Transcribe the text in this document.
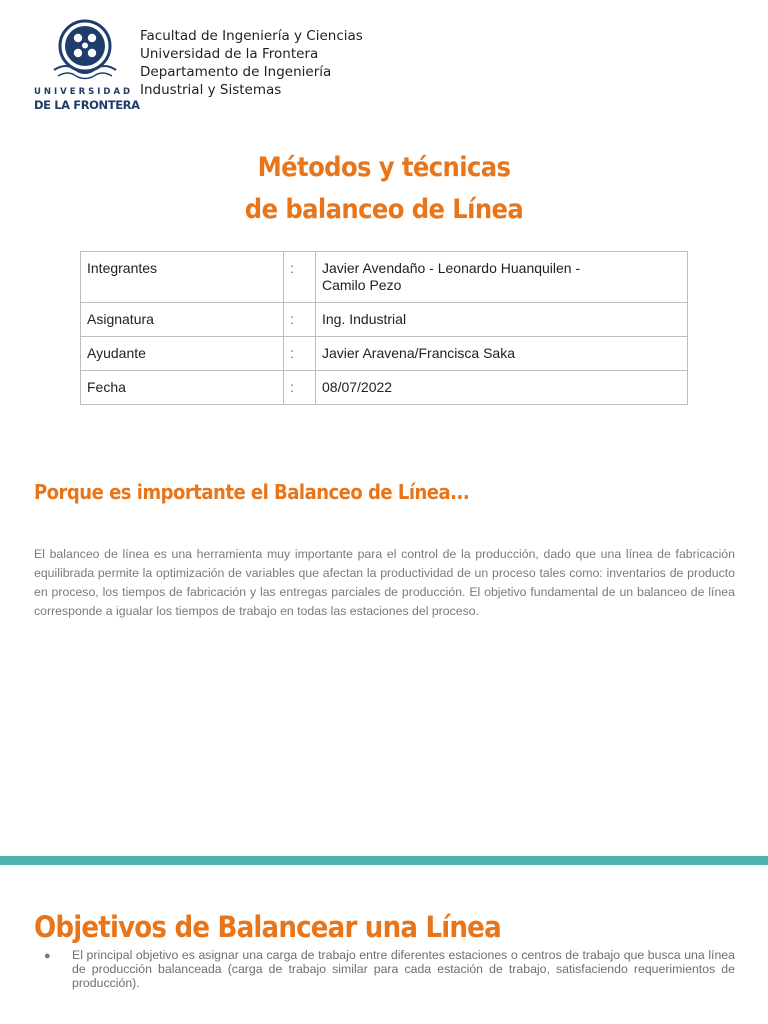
UNIVERSIDAD
DE LA FRONTERA
Facultad de Ingeniería y Ciencias
Universidad de la Frontera
Departamento de Ingeniería
Industrial y Sistemas
Métodos y técnicas
de balanceo de Línea
Integrantes	:	Javier Avendaño - Leonardo Huanquilen -
Camilo Pezo

Asignatura	:	Ing. Industrial
Ayudante	:	Javier Aravena/Francisca Saka
Fecha	:	08/07/2022
Porque es importante el Balanceo de Línea...
El balanceo de línea es una herramienta muy importante para el control de la producción, dado que una línea de fabricación equilibrada permite la optimización de variables que afectan la productividad de un proceso tales como: inventarios de producto en proceso, los tiempos de fabricación y las entregas parciales de producción. El objetivo fundamental de un balanceo de línea corresponde a igualar los tiempos de trabajo en todas las estaciones del proceso.
Objetivos de Balancear una Línea
● El principal objetivo es asignar una carga de trabajo entre diferentes estaciones o centros de trabajo que busca una línea de producción balanceada (carga de trabajo similar para cada estación de trabajo, satisfaciendo requerimientos de producción).
